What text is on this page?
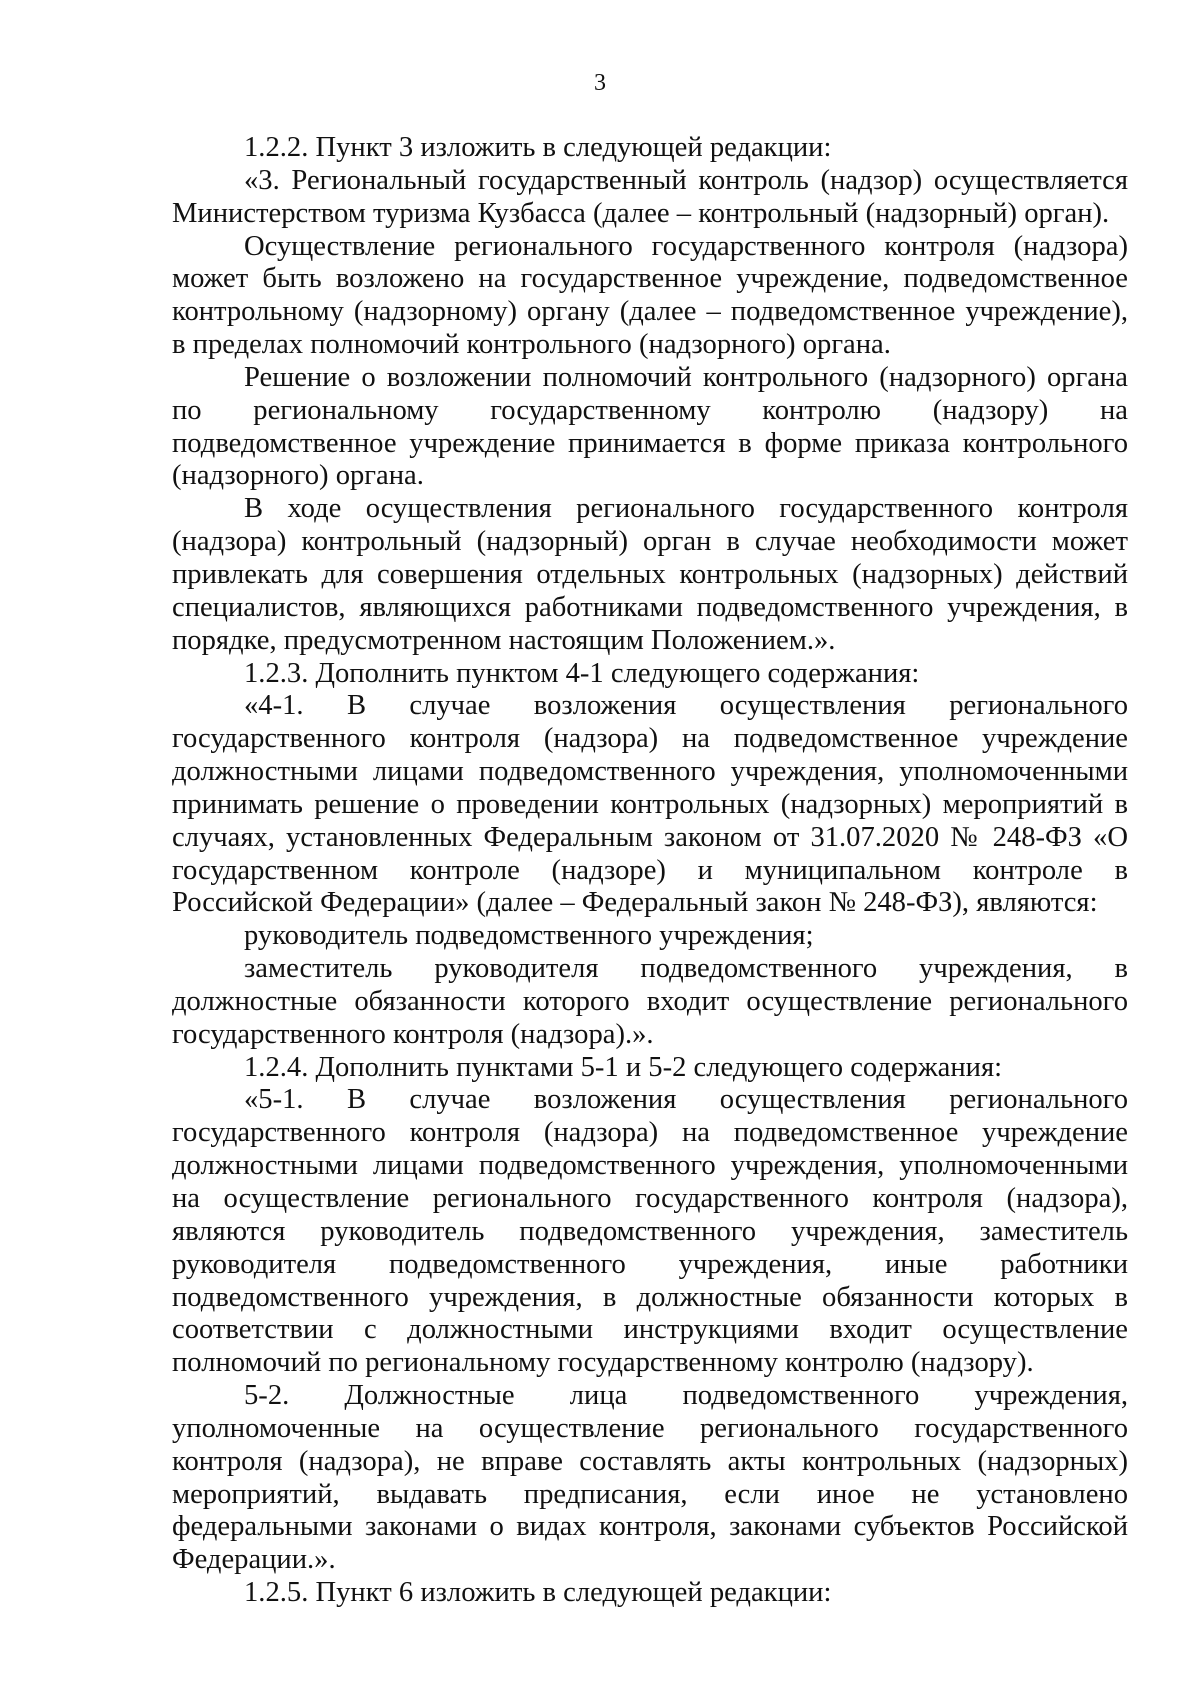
3

1.2.2. Пункт 3 изложить в следующей редакции:

«3. Региональный государственный контроль (надзор) осуществляется Министерством туризма Кузбасса (далее – контрольный (надзорный) орган).

Осуществление регионального государственного контроля (надзора) может быть возложено на государственное учреждение, подведомственное контрольному (надзорному) органу (далее – подведомственное учреждение), в пределах полномочий контрольного (надзорного) органа.

Решение о возложении полномочий контрольного (надзорного) органа по региональному государственному контролю (надзору) на подведомственное учреждение принимается в форме приказа контрольного (надзорного) органа.

В ходе осуществления регионального государственного контроля (надзора) контрольный (надзорный) орган в случае необходимости может привлекать для совершения отдельных контрольных (надзорных) действий специалистов, являющихся работниками подведомственного учреждения, в порядке, предусмотренном настоящим Положением.».

1.2.3. Дополнить пунктом 4-1 следующего содержания:

«4-1. В случае возложения осуществления регионального государственного контроля (надзора) на подведомственное учреждение должностными лицами подведомственного учреждения, уполномоченными принимать решение о проведении контрольных (надзорных) мероприятий в случаях, установленных Федеральным законом от 31.07.2020 № 248-ФЗ «О государственном контроле (надзоре) и муниципальном контроле в Российской Федерации» (далее – Федеральный закон № 248-ФЗ), являются:

руководитель подведомственного учреждения;

заместитель руководителя подведомственного учреждения, в должностные обязанности которого входит осуществление регионального государственного контроля (надзора).».

1.2.4. Дополнить пунктами 5-1 и 5-2 следующего содержания:

«5-1. В случае возложения осуществления регионального государственного контроля (надзора) на подведомственное учреждение должностными лицами подведомственного учреждения, уполномоченными на осуществление регионального государственного контроля (надзора), являются руководитель подведомственного учреждения, заместитель руководителя подведомственного учреждения, иные работники подведомственного учреждения, в должностные обязанности которых в соответствии с должностными инструкциями входит осуществление полномочий по региональному государственному контролю (надзору).

5-2. Должностные лица подведомственного учреждения, уполномоченные на осуществление регионального государственного контроля (надзора), не вправе составлять акты контрольных (надзорных) мероприятий, выдавать предписания, если иное не установлено федеральными законами о видах контроля, законами субъектов Российской Федерации.».

1.2.5. Пункт 6 изложить в следующей редакции:
